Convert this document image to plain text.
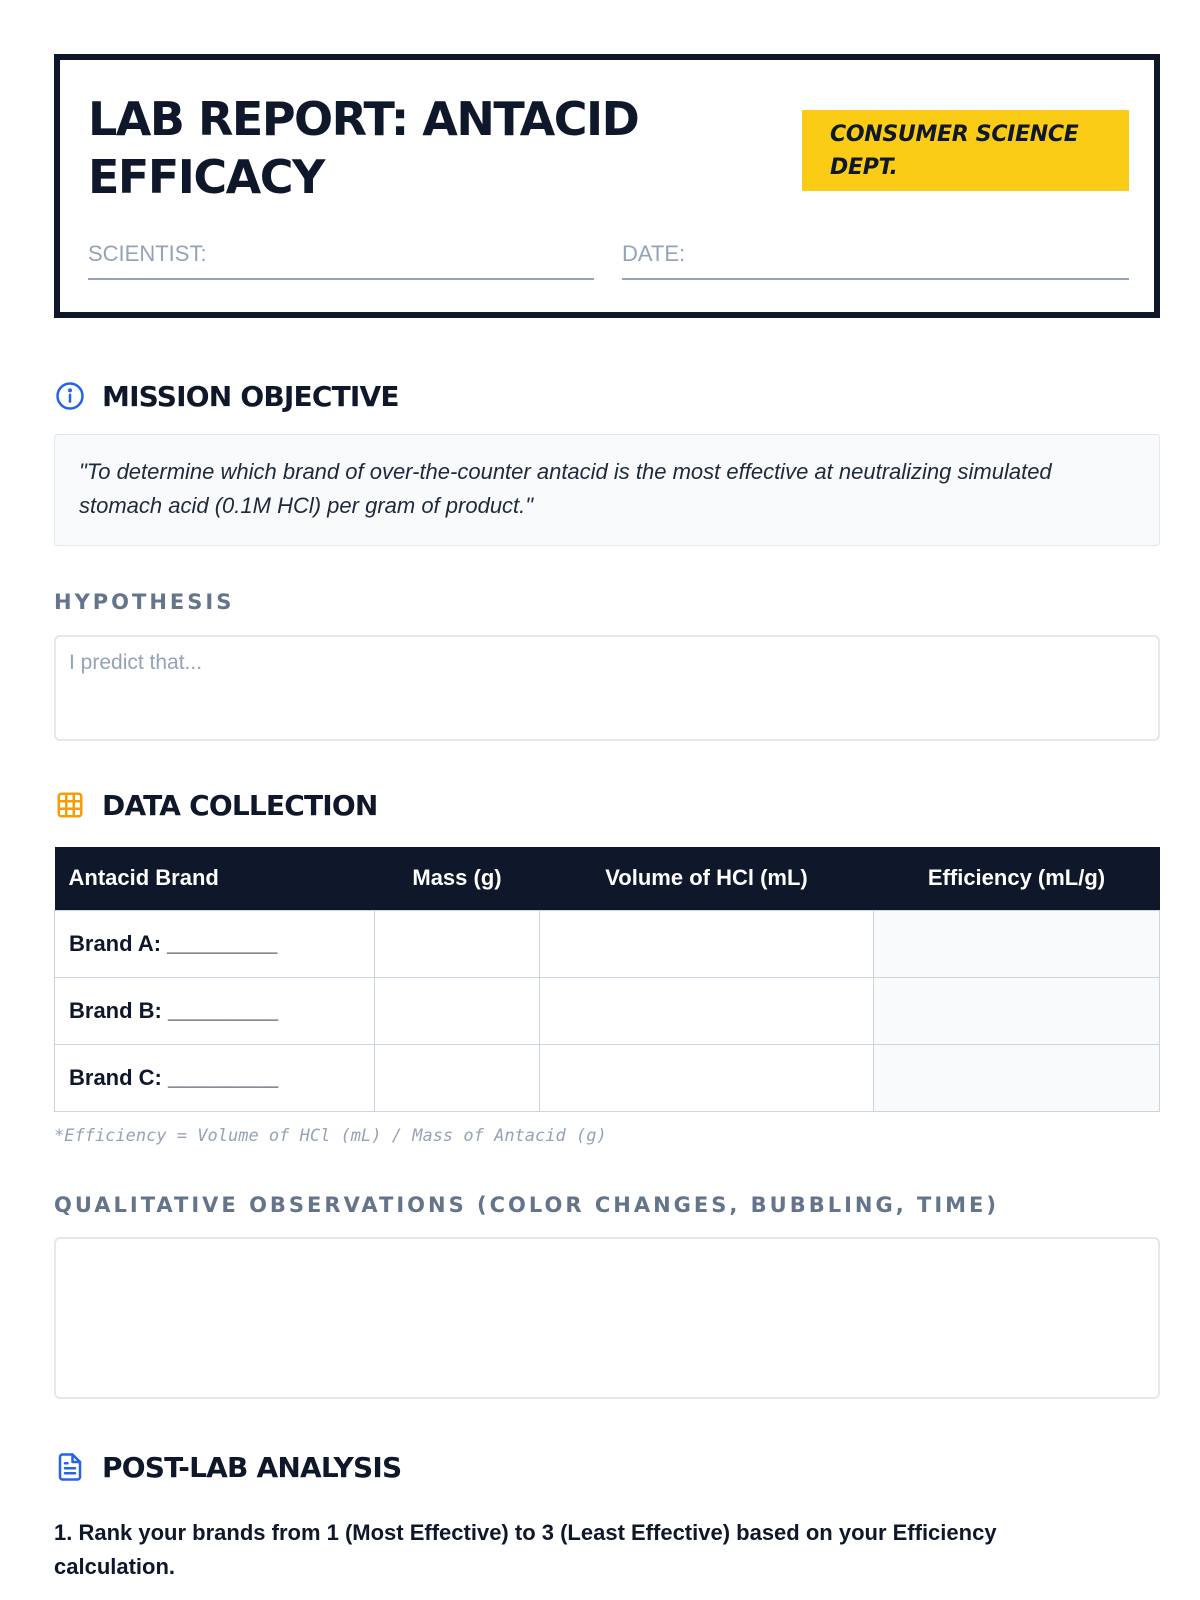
LAB REPORT: ANTACID EFFICACY
CONSUMER SCIENCE DEPT.
SCIENTIST:	DATE:
MISSION OBJECTIVE
"To determine which brand of over-the-counter antacid is the most effective at neutralizing simulated stomach acid (0.1M HCl) per gram of product."
HYPOTHESIS
I predict that...
DATA COLLECTION
Antacid Brand	Mass (g)	Volume of HCl (mL)	Efficiency (mL/g)
Brand A: _________			
Brand B: _________			
Brand C: _________			
*Efficiency = Volume of HCl (mL) / Mass of Antacid (g)
QUALITATIVE OBSERVATIONS (COLOR CHANGES, BUBBLING, TIME)
POST-LAB ANALYSIS
1. Rank your brands from 1 (Most Effective) to 3 (Least Effective) based on your Efficiency calculation.
